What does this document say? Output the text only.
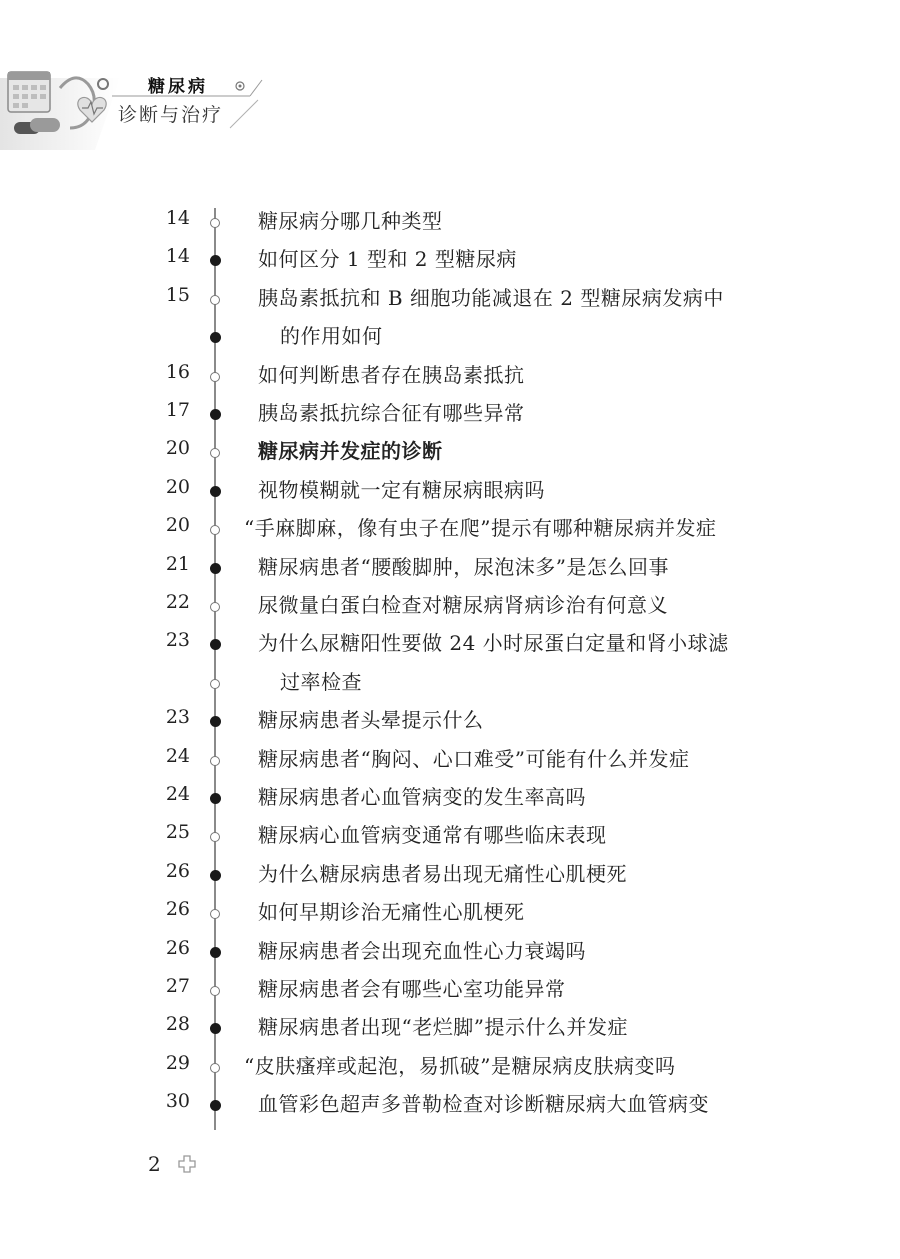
糖尿病
诊断与治疗
14	糖尿病分哪几种类型
14	如何区分 1 型和 2 型糖尿病
15	胰岛素抵抗和 B 细胞功能减退在 2 型糖尿病发病中
的作用如何
16	如何判断患者存在胰岛素抵抗
17	胰岛素抵抗综合征有哪些异常
20	糖尿病并发症的诊断
20	视物模糊就一定有糖尿病眼病吗
20	“手麻脚麻，像有虫子在爬”提示有哪种糖尿病并发症
21	糖尿病患者“腰酸脚肿，尿泡沫多”是怎么回事
22	尿微量白蛋白检查对糖尿病肾病诊治有何意义
23	为什么尿糖阳性要做 24 小时尿蛋白定量和肾小球滤
过率检查
23	糖尿病患者头晕提示什么
24	糖尿病患者“胸闷、心口难受”可能有什么并发症
24	糖尿病患者心血管病变的发生率高吗
25	糖尿病心血管病变通常有哪些临床表现
26	为什么糖尿病患者易出现无痛性心肌梗死
26	如何早期诊治无痛性心肌梗死
26	糖尿病患者会出现充血性心力衰竭吗
27	糖尿病患者会有哪些心室功能异常
28	糖尿病患者出现“老烂脚”提示什么并发症
29	“皮肤瘙痒或起泡，易抓破”是糖尿病皮肤病变吗
30	血管彩色超声多普勒检查对诊断糖尿病大血管病变
2
